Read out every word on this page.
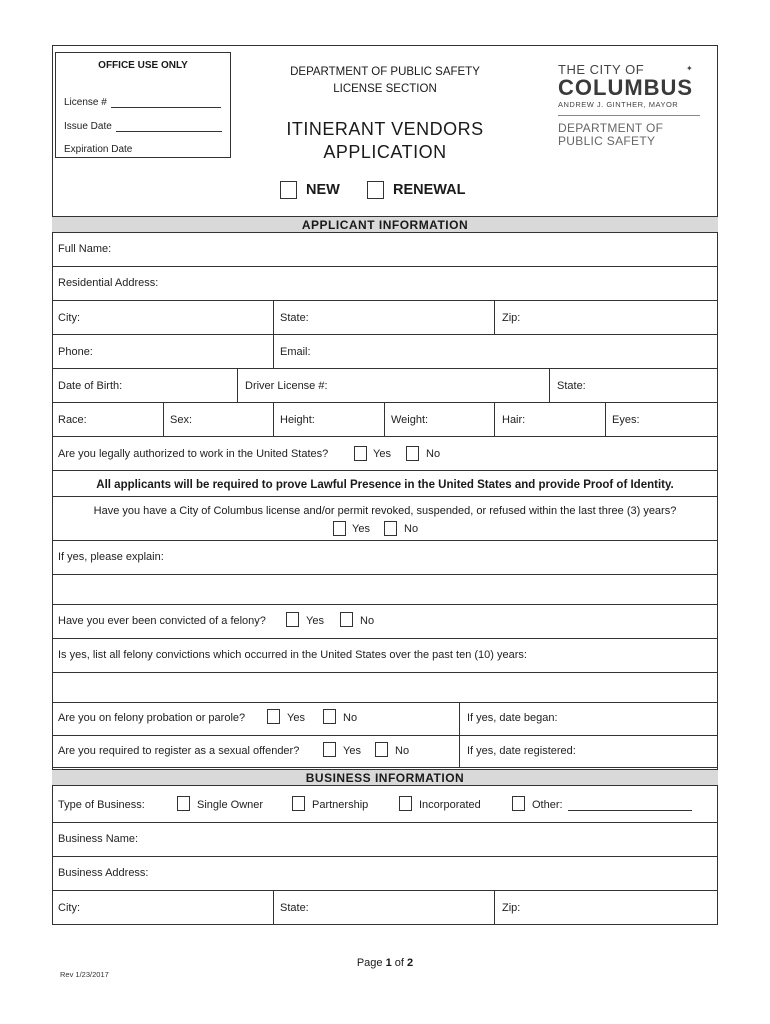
OFFICE USE ONLY
License #
Issue Date
Expiration Date
DEPARTMENT OF PUBLIC SAFETY
LICENSE SECTION
ITINERANT VENDORS
APPLICATION
✦
THE CITY OF
COLUMBUS
ANDREW J. GINTHER, MAYOR
DEPARTMENT OF
PUBLIC SAFETY
NEW	RENEWAL
APPLICANT INFORMATION
Full Name:
Residential Address:
City:	State:	Zip:
Phone:	Email:
Date of Birth:	Driver License #:	State:
Race:	Sex:	Height:	Weight:	Hair:	Eyes:
Are you legally authorized to work in the United States?	Yes	No
All applicants will be required to prove Lawful Presence in the United States and provide Proof of Identity.
Have you have a City of Columbus license and/or permit revoked, suspended, or refused within the last three (3) years?
Yes	No
If yes, please explain:
Have you ever been convicted of a felony?	Yes	No
Is yes, list all felony convictions which occurred in the United States over the past ten (10) years:
Are you on felony probation or parole?	Yes	No	If yes, date began:
Are you required to register as a sexual offender?	Yes	No	If yes, date registered:
BUSINESS INFORMATION
Type of Business:	Single Owner	Partnership	Incorporated	Other:
Business Name:
Business Address:
City:	State:	Zip:
Page 1 of 2
Rev 1/23/2017
